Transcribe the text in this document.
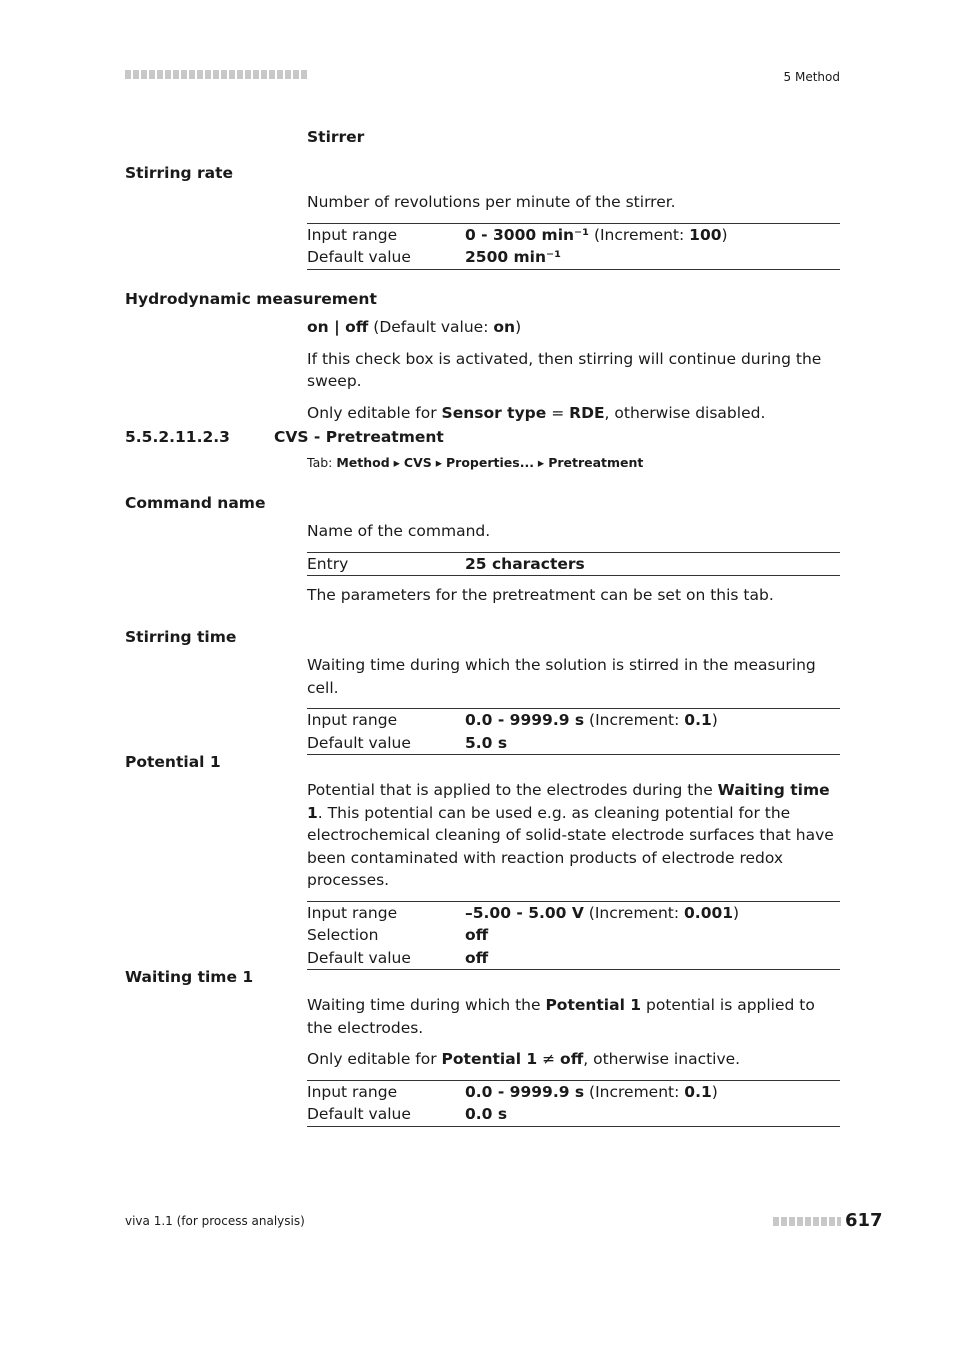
5 Method
Stirrer
Stirring rate

Number of revolutions per minute of the stirrer.

Input range	0 - 3000 min⁻¹ (Increment: 100)
Default value	2500 min⁻¹
Hydrodynamic measurement

on | off (Default value: on)

If this check box is activated, then stirring will continue during the sweep.

Only editable for Sensor type = RDE, otherwise disabled.

5.5.2.11.2.3	CVS - Pretreatment
Tab: Method ▸ CVS ▸ Properties... ▸ Pretreatment
Command name

Name of the command.

Entry	25 characters

The parameters for the pretreatment can be set on this tab.

Stirring time

Waiting time during which the solution is stirred in the measuring cell.

Input range	0.0 - 9999.9 s (Increment: 0.1)
Default value	5.0 s
Potential 1

Potential that is applied to the electrodes during the Waiting time 1. This potential can be used e.g. as cleaning potential for the electrochemical cleaning of solid-state electrode surfaces that have been contaminated with reaction products of electrode redox processes.

Input range	–5.00 - 5.00 V (Increment: 0.001)
Selection	off
Default value	off
Waiting time 1

Waiting time during which the Potential 1 potential is applied to the electrodes.

Only editable for Potential 1 ≠ off, otherwise inactive.

Input range	0.0 - 9999.9 s (Increment: 0.1)
Default value	0.0 s
viva 1.1 (for process analysis)	617
